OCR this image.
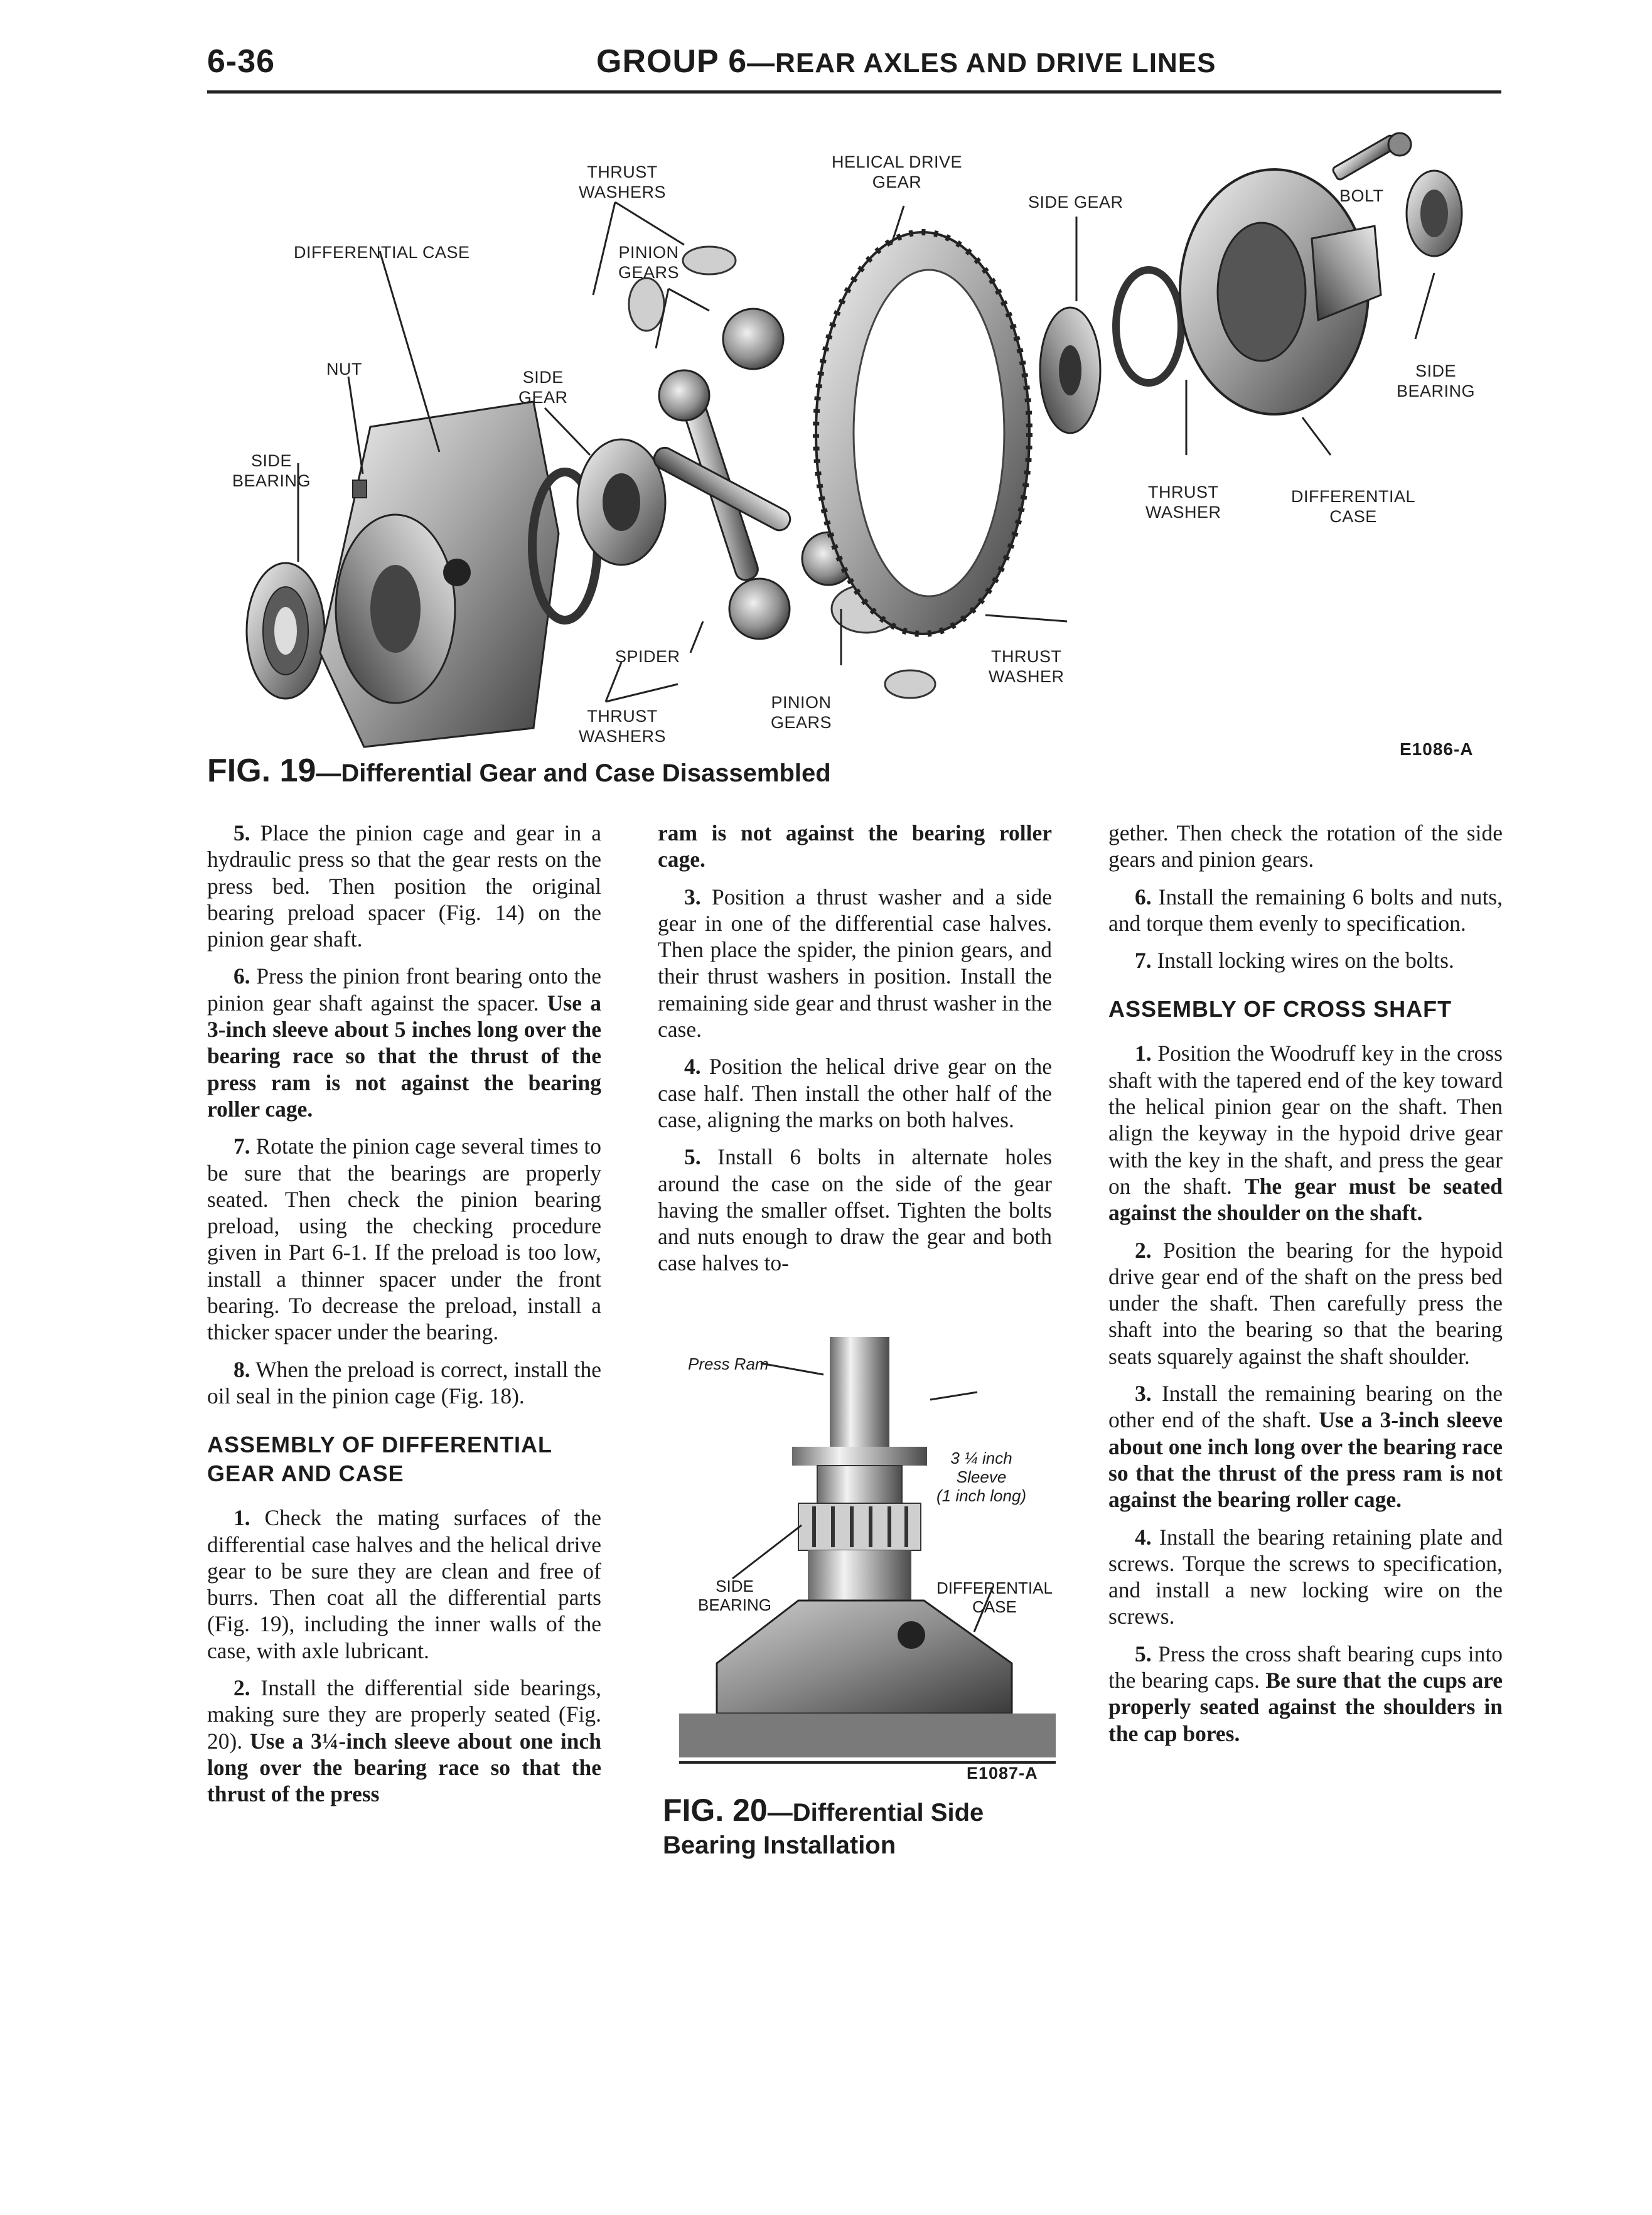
6-36	GROUP 6—REAR AXLES AND DRIVE LINES
DIFFERENTIAL CASE
THRUST
WASHERS
PINION
GEARS
HELICAL DRIVE
GEAR
SIDE GEAR	BOLT
NUT	SIDE
GEAR
SIDE
BEARING
SIDE
BEARING
THRUST
WASHER
DIFFERENTIAL
CASE
SPIDER	THRUST
WASHER
PINION
GEARS
THRUST
WASHERS
E1086-A
FIG. 19—Differential Gear and Case Disassembled

5. Place the pinion cage and gear in a hydraulic press so that the gear rests on the press bed. Then position the original bearing preload spacer (Fig. 14) on the pinion gear shaft.

6. Press the pinion front bearing onto the pinion gear shaft against the spacer. Use a 3-inch sleeve about 5 inches long over the bearing race so that the thrust of the press ram is not against the bearing roller cage.

7. Rotate the pinion cage several times to be sure that the bearings are properly seated. Then check the pinion bearing preload, using the checking procedure given in Part 6-1. If the preload is too low, install a thinner spacer under the front bearing. To decrease the preload, install a thicker spacer under the bearing.

8. When the preload is correct, install the oil seal in the pinion cage (Fig. 18).

ASSEMBLY OF DIFFERENTIAL GEAR AND CASE

1. Check the mating surfaces of the differential case halves and the helical drive gear to be sure they are clean and free of burrs. Then coat all the differential parts (Fig. 19), including the inner walls of the case, with axle lubricant.

2. Install the differential side bearings, making sure they are properly seated (Fig. 20). Use a 3¼-inch sleeve about one inch long over the bearing race so that the thrust of the press

ram is not against the bearing roller cage.

3. Position a thrust washer and a side gear in one of the differential case halves. Then place the spider, the pinion gears, and their thrust washers in position. Install the remaining side gear and thrust washer in the case.

4. Position the helical drive gear on the case half. Then install the other half of the case, aligning the marks on both halves.

5. Install 6 bolts in alternate holes around the case on the side of the gear having the smaller offset. Tighten the bolts and nuts enough to draw the gear and both case halves to-

Press Ram
3 ¼ inch
Sleeve
(1 inch long)
SIDE
BEARING
DIFFERENTIAL
CASE
E1087-A
FIG. 20—Differential Side Bearing Installation

gether. Then check the rotation of the side gears and pinion gears.

6. Install the remaining 6 bolts and nuts, and torque them evenly to specification.

7. Install locking wires on the bolts.

ASSEMBLY OF CROSS SHAFT

1. Position the Woodruff key in the cross shaft with the tapered end of the key toward the helical pinion gear on the shaft. Then align the keyway in the hypoid drive gear with the key in the shaft, and press the gear on the shaft. The gear must be seated against the shoulder on the shaft.

2. Position the bearing for the hypoid drive gear end of the shaft on the press bed under the shaft. Then carefully press the shaft into the bearing so that the bearing seats squarely against the shaft shoulder.

3. Install the remaining bearing on the other end of the shaft. Use a 3-inch sleeve about one inch long over the bearing race so that the thrust of the press ram is not against the bearing roller cage.

4. Install the bearing retaining plate and screws. Torque the screws to specification, and install a new locking wire on the screws.

5. Press the cross shaft bearing cups into the bearing caps. Be sure that the cups are properly seated against the shoulders in the cap bores.
